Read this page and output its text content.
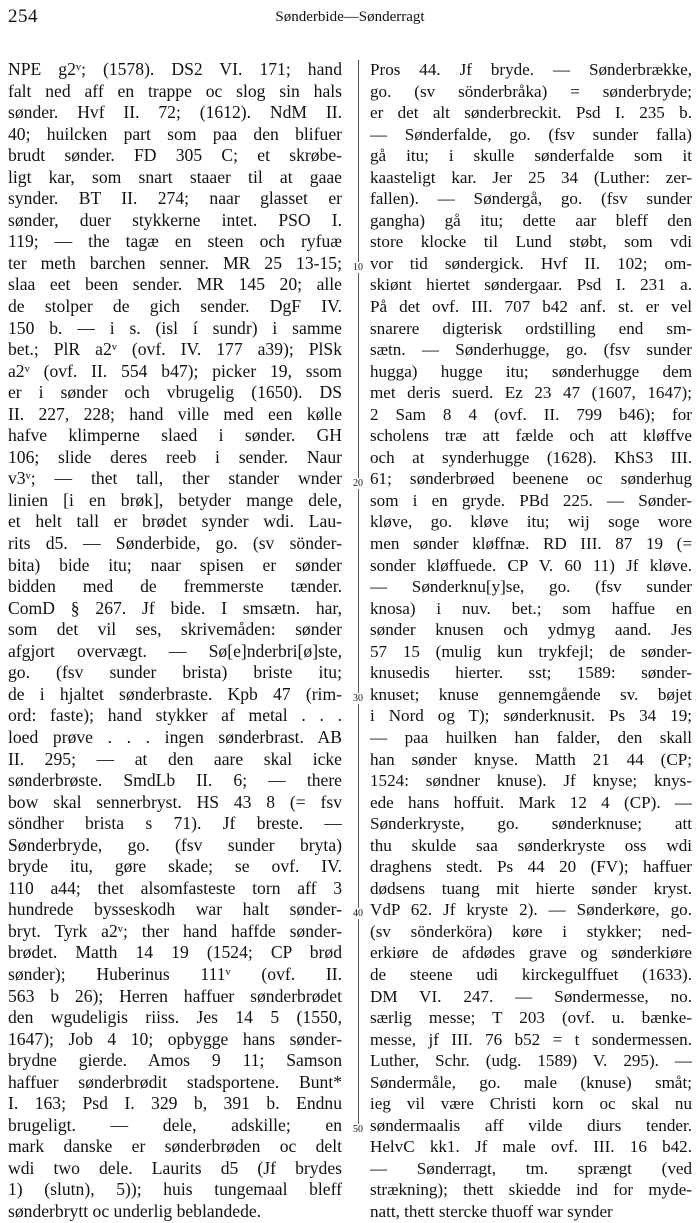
254	Sønderbide—Sønderragt
NPE g2ᵛ; (1578). DS2 VI. 171; hand
falt ned aff en trappe oc slog sin hals
sønder. Hvf II. 72; (1612). NdM II.
40; huilcken part som paa den blifuer
brudt sønder. FD 305 C; et skrøbe-
ligt kar, som snart staaer til at gaae
synder. BT II. 274; naar glasset er
sønder, duer stykkerne intet. PSO I.
119; — the tagæ en steen och ryfuæ
ter meth barchen senner. MR 25 13-15;
slaa eet been sender. MR 145 20; alle
de stolper de gich sender. DgF IV.
150 b. — i s. (isl í sundr) i samme
bet.; PlR a2ᵛ (ovf. IV. 177 a39); PlSk
a2ᵛ (ovf. II. 554 b47); picker 19, ssom
er i sønder och vbrugelig (1650). DS
II. 227, 228; hand ville med een kølle
hafve klimperne slaed i sønder. GH
106; slide deres reeb i sender. Naur
v3ᵛ; — thet tall, ther stander wnder
linien [i en brøk], betyder mange dele,
et helt tall er brødet synder wdi. Lau-
rits d5. — Sønderbide, go. (sv sönder-
bita) bide itu; naar spisen er sønder
bidden med de fremmerste tænder.
ComD § 267. Jf bide. I smsætn. har,
som det vil ses, skrivemåden: sønder
afgjort overvægt. — Sø[e]nderbri[ø]ste,
go. (fsv sunder brista) briste itu;
de i hjaltet sønderbraste. Kpb 47 (rim-
ord: faste); hand stykker af metal . . .
loed prøve . . . ingen sønderbrast. AB
II. 295; — at den aare skal icke
sønderbrøste. SmdLb II. 6; — there
bow skal sennerbryst. HS 43 8 (= fsv
söndher brista s 71). Jf breste. —
Sønderbryde, go. (fsv sunder bryta)
bryde itu, gøre skade; se ovf. IV.
110 a44; thet alsomfasteste torn aff 3
hundrede bysseskodh war halt sønder-
bryt. Tyrk a2ᵛ; ther hand haffde sønder-
brødet. Matth 14 19 (1524; CP brød
sønder); Huberinus 111ᵛ (ovf. II.
563 b 26); Herren haffuer sønderbrødet
den wgudeligis riiss. Jes 14 5 (1550,
1647); Job 4 10; opbygge hans sønder-
brydne gierde. Amos 9 11; Samson
haffuer sønderbrødit stadsportene. Bunt*
I. 163; Psd I. 329 b, 391 b. Endnu
brugeligt. — dele, adskille; en
mark danske er sønderbrøden oc delt
wdi two dele. Laurits d5 (Jf brydes
1) (slutn), 5)); huis tungemaal bleff
sønderbrytt oc underlig beblandede.
Pros 44. Jf bryde. — Sønderbrække,
go. (sv sönderbråka) = sønderbryde;
er det alt sønderbreckit. Psd I. 235 b.
— Sønderfalde, go. (fsv sunder falla)
gå itu; i skulle sønderfalde som it
kaasteligt kar. Jer 25 34 (Luther: zer-
fallen). — Søndergå, go. (fsv sunder
gangha) gå itu; dette aar bleff den
store klocke til Lund støbt, som vdi
vor tid søndergick. Hvf II. 102; om-
skiønt hiertet søndergaar. Psd I. 231 a.
På det ovf. III. 707 b42 anf. st. er vel
snarere digterisk ordstilling end sm-
sætn. — Sønderhugge, go. (fsv sunder
hugga) hugge itu; sønderhugge dem
met deris suerd. Ez 23 47 (1607, 1647);
2 Sam 8 4 (ovf. II. 799 b46); for
scholens træ att fælde och att kløffve
och at synderhugge (1628). KhS3 III.
61; sønderbrøed beenene oc sønderhug
som i en gryde. PBd 225. — Sønder-
kløve, go. kløve itu; wij soge wore
men sønder kløffnæ. RD III. 87 19 (=
sonder kløffuede. CP V. 60 11) Jf kløve.
— Sønderknu[y]se, go. (fsv sunder
knosa) i nuv. bet.; som haffue en
sønder knusen och ydmyg aand. Jes
57 15 (mulig kun trykfejl; de sønder-
knusedis hierter. sst; 1589: sønder-
knuset; knuse gennemgående sv. bøjet
i Nord og T); sønderknusit. Ps 34 19;
— paa huilken han falder, den skall
han sønder knyse. Matth 21 44 (CP;
1524: søndner knuse). Jf knyse; knys-
ede hans hoffuit. Mark 12 4 (CP). —
Sønderkryste, go. sønderknuse; att
thu skulde saa sønderkryste oss wdi
draghens stedt. Ps 44 20 (FV); haffuer
dødsens tuang mit hierte sønder kryst.
VdP 62. Jf kryste 2). — Sønderkøre, go.
(sv sönderköra) køre i stykker; ned-
erkiøre de afdødes grave og sønderkiøre
de steene udi kirckegulffuet (1633).
DM VI. 247. — Søndermesse, no.
særlig messe; T 203 (ovf. u. bænke-
messe, jf III. 76 b52 = t sondermessen.
Luther, Schr. (udg. 1589) V. 295). —
Søndermåle, go. male (knuse) småt;
ieg vil være Christi korn oc skal nu
søndermaalis aff vilde diurs tender.
HelvC kk1. Jf male ovf. III. 16 b42.
— Sønderragt, tm. sprængt (ved
strækning); thett skiedde ind for myde-
natt, thett stercke thuoff war synder
10
20
30
40
50
